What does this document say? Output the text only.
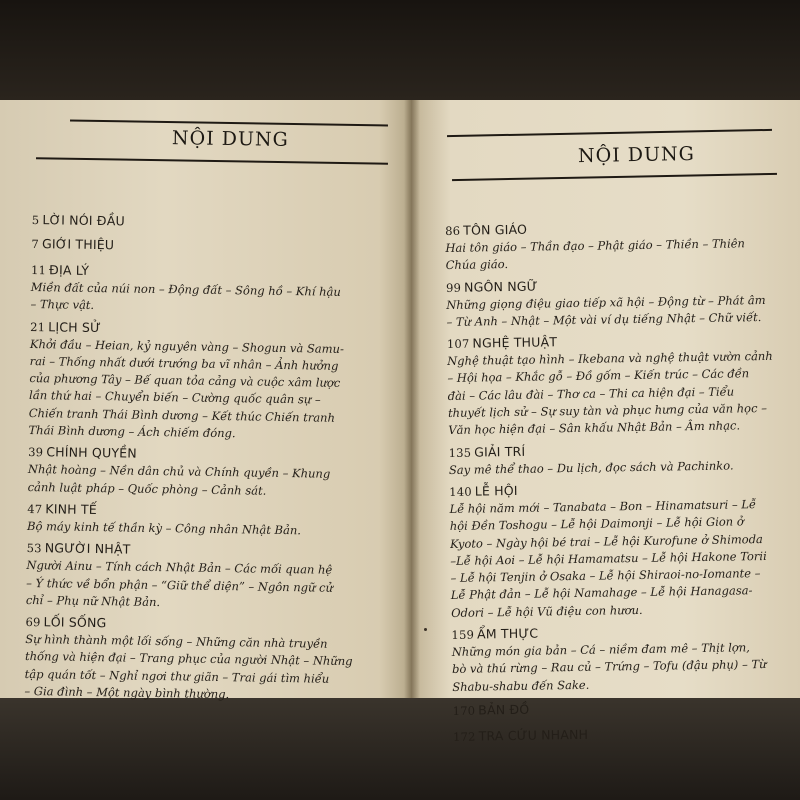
NỘI DUNG
NỘI DUNG
5 LỜI NÓI ĐẦU
7 GIỚI THIỆU
11 ĐỊA LÝ
Miền đất của núi non – Động đất – Sông hồ – Khí hậu
– Thực vật.
21 LỊCH SỬ
Khởi đầu – Heian, kỷ nguyên vàng – Shogun và Samu-
rai – Thống nhất dưới trướng ba vĩ nhân – Ảnh hưởng
của phương Tây – Bế quan tỏa cảng và cuộc xâm lược
lần thứ hai – Chuyển biến – Cường quốc quân sự –
Chiến tranh Thái Bình dương – Kết thúc Chiến tranh
Thái Bình dương – Ách chiếm đóng.
39 CHÍNH QUYỀN
Nhật hoàng – Nền dân chủ và Chính quyền – Khung
cảnh luật pháp – Quốc phòng – Cảnh sát.
47 KINH TẾ
Bộ máy kinh tế thần kỳ – Công nhân Nhật Bản.
53 NGƯỜI NHẬT
Người Ainu – Tính cách Nhật Bản – Các mối quan hệ
– Ý thức về bổn phận – “Giữ thể diện” – Ngôn ngữ cử
chỉ – Phụ nữ Nhật Bản.
69 LỐI SỐNG
Sự hình thành một lối sống – Những căn nhà truyền
thống và hiện đại – Trang phục của người Nhật – Những
tập quán tốt – Nghỉ ngơi thư giãn – Trai gái tìm hiểu
– Gia đình – Một ngày bình thường.
86 TÔN GIÁO
Hai tôn giáo – Thần đạo – Phật giáo – Thiền – Thiên
Chúa giáo.
99 NGÔN NGỮ
Những giọng điệu giao tiếp xã hội – Động từ – Phát âm
– Từ Anh – Nhật – Một vài ví dụ tiếng Nhật – Chữ viết.
107 NGHỆ THUẬT
Nghệ thuật tạo hình – Ikebana và nghệ thuật vườn cảnh
– Hội họa – Khắc gỗ – Đồ gốm – Kiến trúc – Các đền
đài – Các lâu đài – Thơ ca – Thi ca hiện đại – Tiểu
thuyết lịch sử – Sự suy tàn và phục hưng của văn học –
Văn học hiện đại – Sân khấu Nhật Bản – Âm nhạc.
135 GIẢI TRÍ
Say mê thể thao – Du lịch, đọc sách và Pachinko.
140 LỄ HỘI
Lễ hội năm mới – Tanabata – Bon – Hinamatsuri – Lễ
hội Đền Toshogu – Lễ hội Daimonji – Lễ hội Gion ở
Kyoto – Ngày hội bé trai – Lễ hội Kurofune ở Shimoda
–Lễ hội Aoi – Lễ hội Hamamatsu – Lễ hội Hakone Torii
– Lễ hội Tenjin ở Osaka – Lễ hội Shiraoi-no-Iomante –
Lễ Phật đản – Lễ hội Namahage – Lễ hội Hanagasa-
Odori – Lễ hội Vũ điệu con hươu.
159 ẨM THỰC
Những món gia bản – Cá – niềm đam mê – Thịt lợn,
bò và thú rừng – Rau củ – Trứng – Tofu (đậu phụ) – Từ
Shabu-shabu đến Sake.
170 BẢN ĐỒ
172 TRA CỨU NHANH
